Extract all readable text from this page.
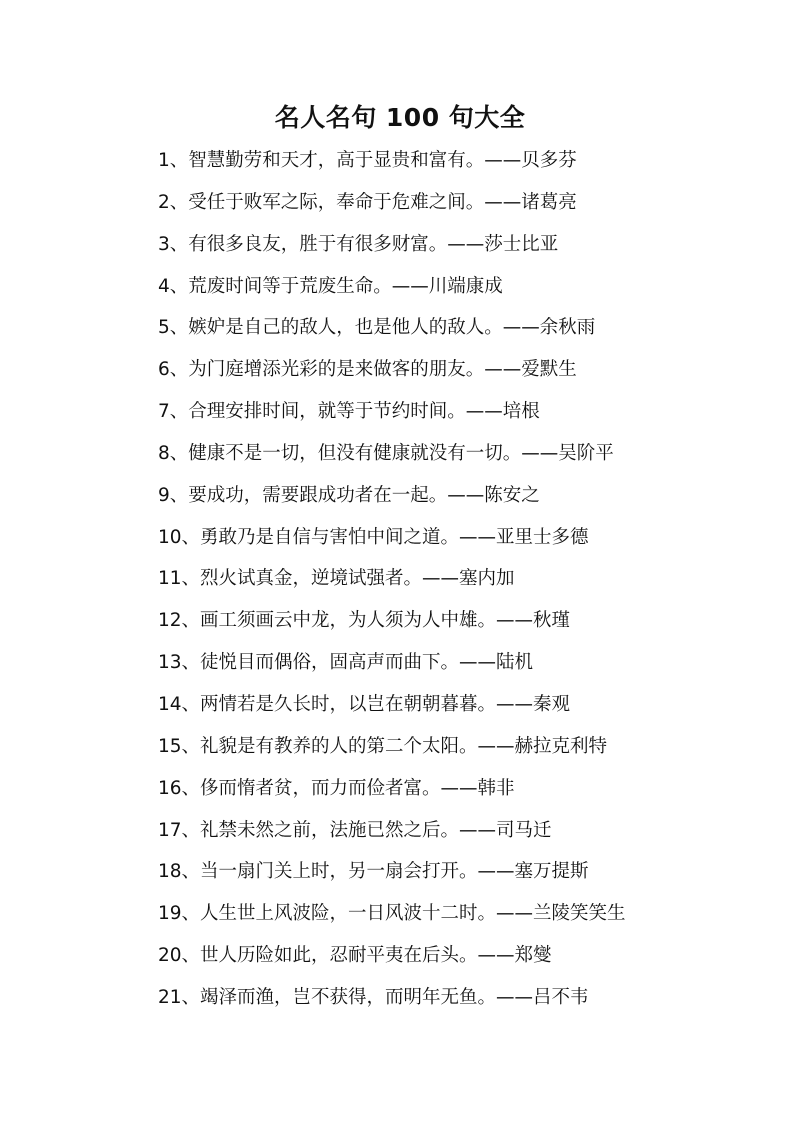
名人名句 100 句大全
1、智慧勤劳和天才，高于显贵和富有。——贝多芬
2、受任于败军之际，奉命于危难之间。——诸葛亮
3、有很多良友，胜于有很多财富。——莎士比亚
4、荒废时间等于荒废生命。——川端康成
5、嫉妒是自己的敌人，也是他人的敌人。——余秋雨
6、为门庭增添光彩的是来做客的朋友。——爱默生
7、合理安排时间，就等于节约时间。——培根
8、健康不是一切，但没有健康就没有一切。——吴阶平
9、要成功，需要跟成功者在一起。——陈安之
10、勇敢乃是自信与害怕中间之道。——亚里士多德
11、烈火试真金，逆境试强者。——塞内加
12、画工须画云中龙，为人须为人中雄。——秋瑾
13、徒悦目而偶俗，固高声而曲下。——陆机
14、两情若是久长时，以岂在朝朝暮暮。——秦观
15、礼貌是有教养的人的第二个太阳。——赫拉克利特
16、侈而惰者贫，而力而俭者富。——韩非
17、礼禁未然之前，法施已然之后。——司马迁
18、当一扇门关上时，另一扇会打开。——塞万提斯
19、人生世上风波险，一日风波十二时。——兰陵笑笑生
20、世人历险如此，忍耐平夷在后头。——郑燮
21、竭泽而渔，岂不获得，而明年无鱼。——吕不韦
